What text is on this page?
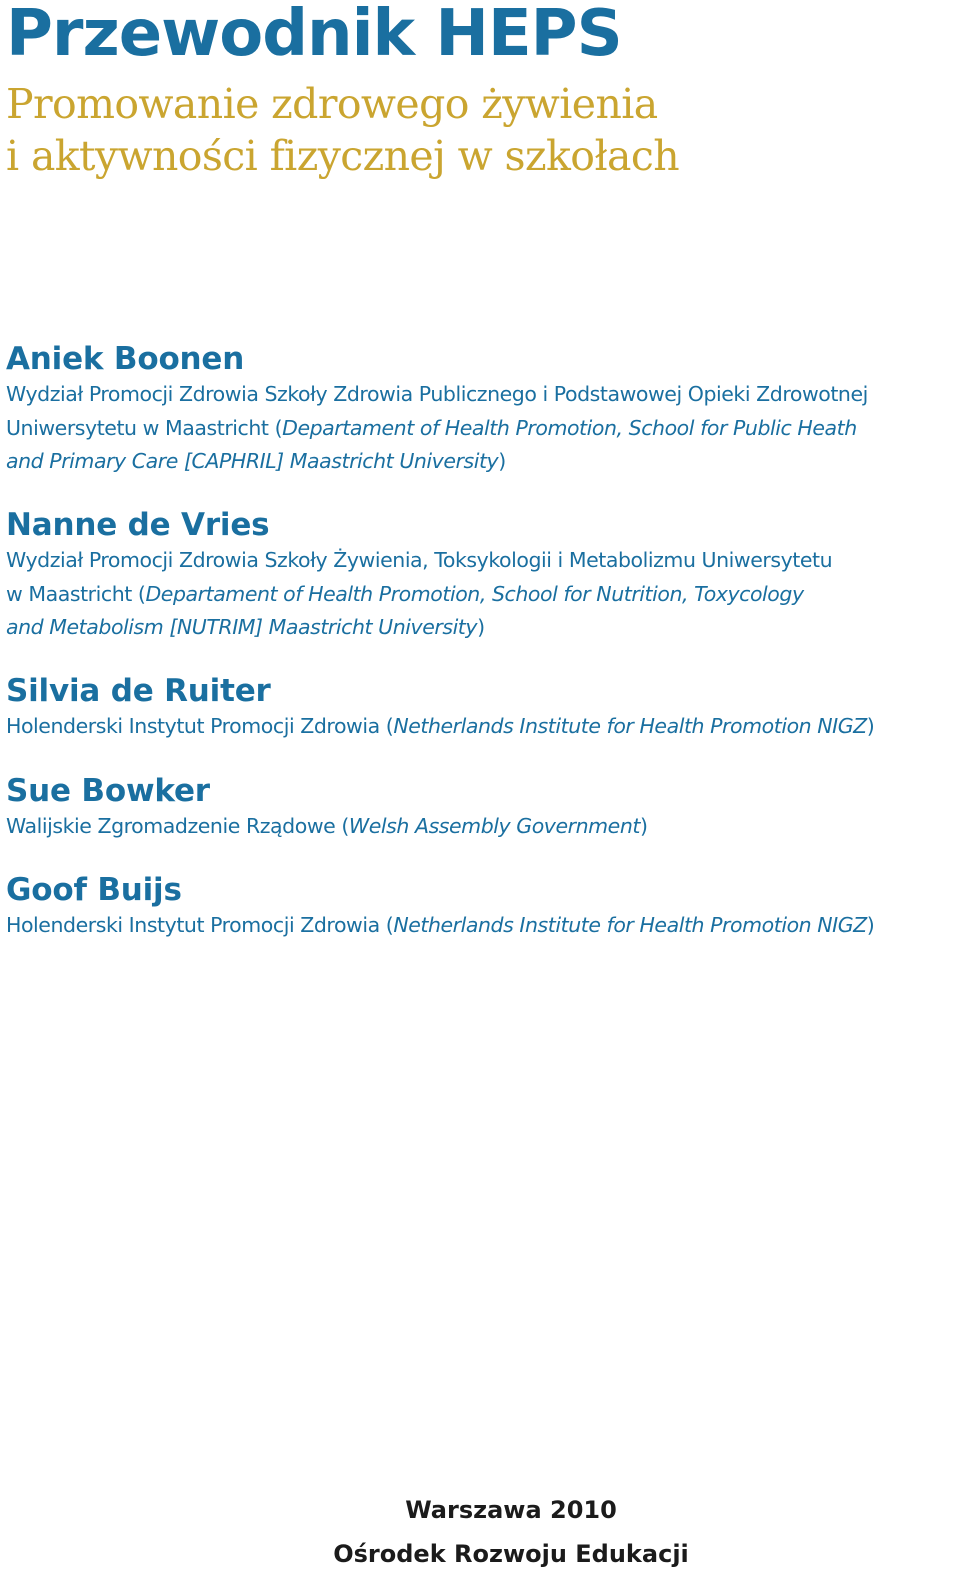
Przewodnik HEPS
Promowanie zdrowego żywienia
i aktywności fizycznej w szkołach
Aniek Boonen
Wydział Promocji Zdrowia Szkoły Zdrowia Publicznego i Podstawowej Opieki Zdrowotnej
Uniwersytetu w Maastricht (Departament of Health Promotion, School for Public Heath
and Primary Care [CAPHRIL] Maastricht University)
Nanne de Vries
Wydział Promocji Zdrowia Szkoły Żywienia, Toksykologii i Metabolizmu Uniwersytetu
w Maastricht (Departament of Health Promotion, School for Nutrition, Toxycology
and Metabolism [NUTRIM] Maastricht University)
Silvia de Ruiter
Holenderski Instytut Promocji Zdrowia (Netherlands Institute for Health Promotion NIGZ)
Sue Bowker
Walijskie Zgromadzenie Rządowe (Welsh Assembly Government)
Goof Buijs
Holenderski Instytut Promocji Zdrowia (Netherlands Institute for Health Promotion NIGZ)
Warszawa 2010
Ośrodek Rozwoju Edukacji
